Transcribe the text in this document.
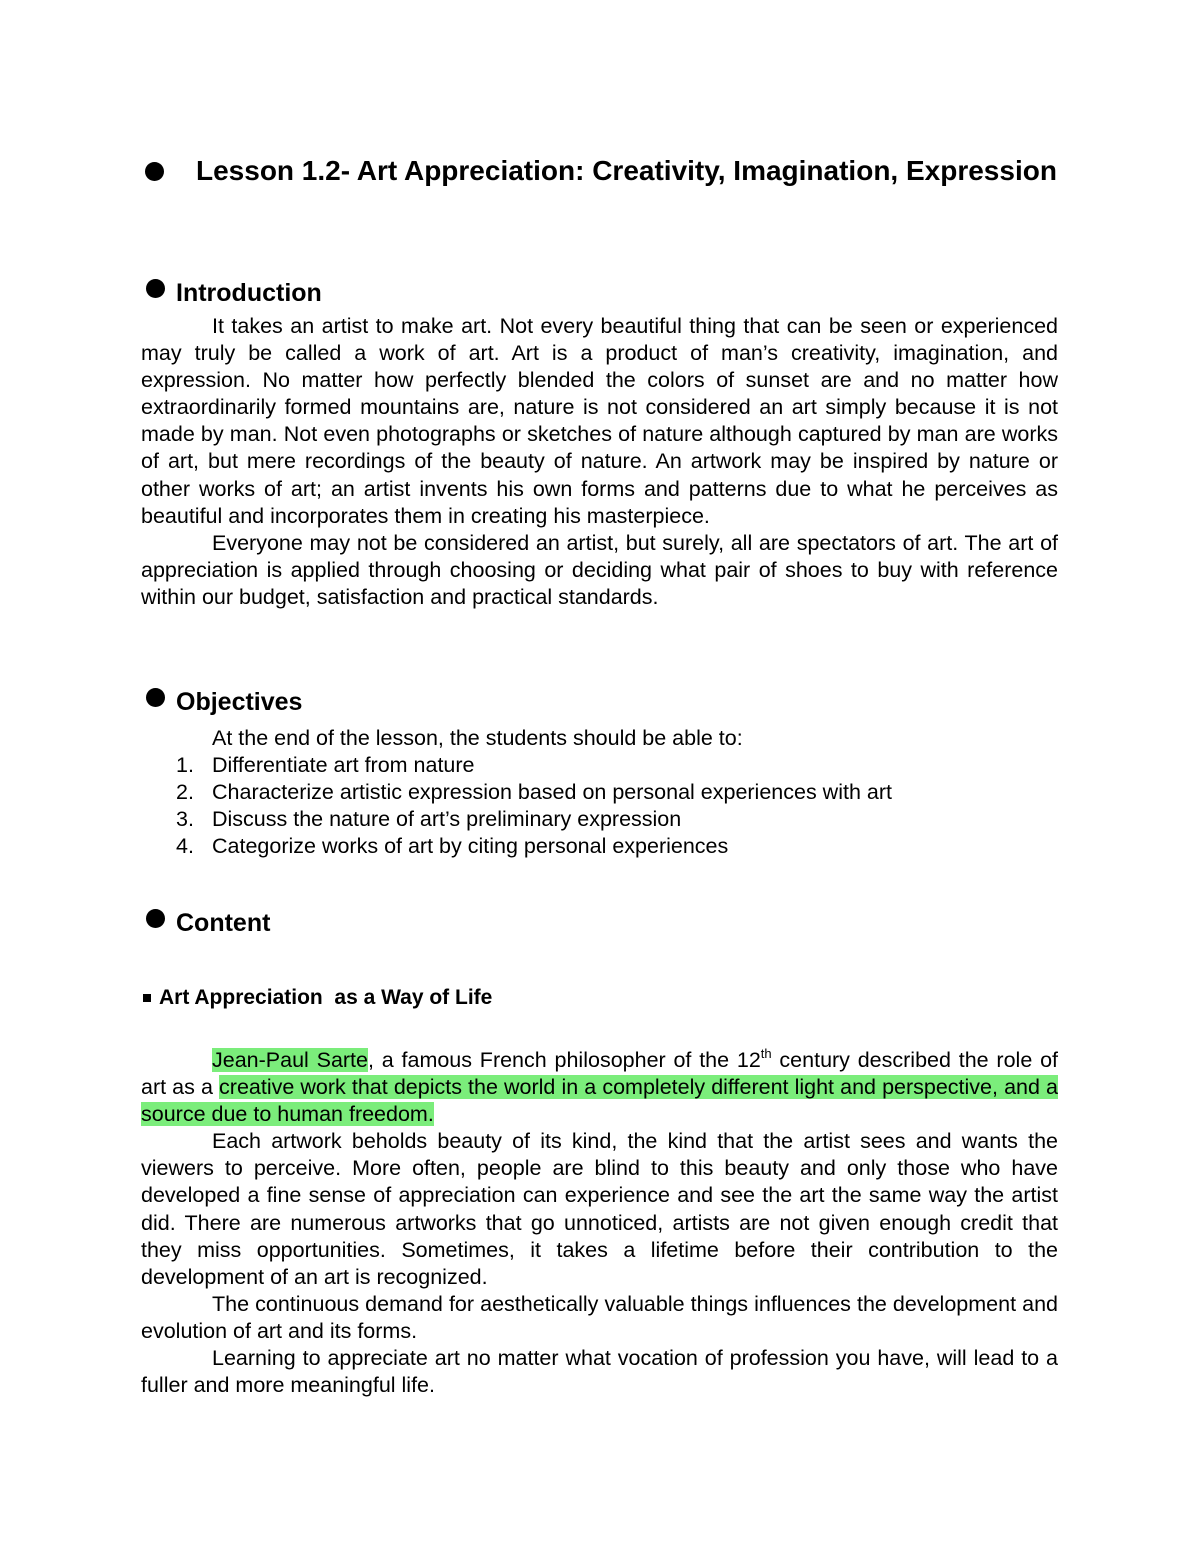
Lesson 1.2- Art Appreciation: Creativity, Imagination, Expression
Introduction

It takes an artist to make art. Not every beautiful thing that can be seen or experienced may truly be called a work of art. Art is a product of man’s creativity, imagination, and expression. No matter how perfectly blended the colors of sunset are and no matter how extraordinarily formed mountains are, nature is not considered an art simply because it is not made by man. Not even photographs or sketches of nature although captured by man are works of art, but mere recordings of the beauty of nature. An artwork may be inspired by nature or other works of art; an artist invents his own forms and patterns due to what he perceives as beautiful and incorporates them in creating his masterpiece.

Everyone may not be considered an artist, but surely, all are spectators of art. The art of appreciation is applied through choosing or deciding what pair of shoes to buy with reference within our budget, satisfaction and practical standards.

Objectives
At the end of the lesson, the students should be able to:
1. Differentiate art from nature
2. Characterize artistic expression based on personal experiences with art
3. Discuss the nature of art’s preliminary expression
4. Categorize works of art by citing personal experiences
Content
Art Appreciation  as a Way of Life

Jean-Paul Sarte, a famous French philosopher of the 12th century described the role of art as a creative work that depicts the world in a completely different light and perspective, and a source due to human freedom.

Each artwork beholds beauty of its kind, the kind that the artist sees and wants the viewers to perceive. More often, people are blind to this beauty and only those who have developed a fine sense of appreciation can experience and see the art the same way the artist did. There are numerous artworks that go unnoticed, artists are not given enough credit that they miss opportunities. Sometimes, it takes a lifetime before their contribution to the development of an art is recognized.

The continuous demand for aesthetically valuable things influences the development and evolution of art and its forms.

Learning to appreciate art no matter what vocation of profession you have, will lead to a fuller and more meaningful life.
